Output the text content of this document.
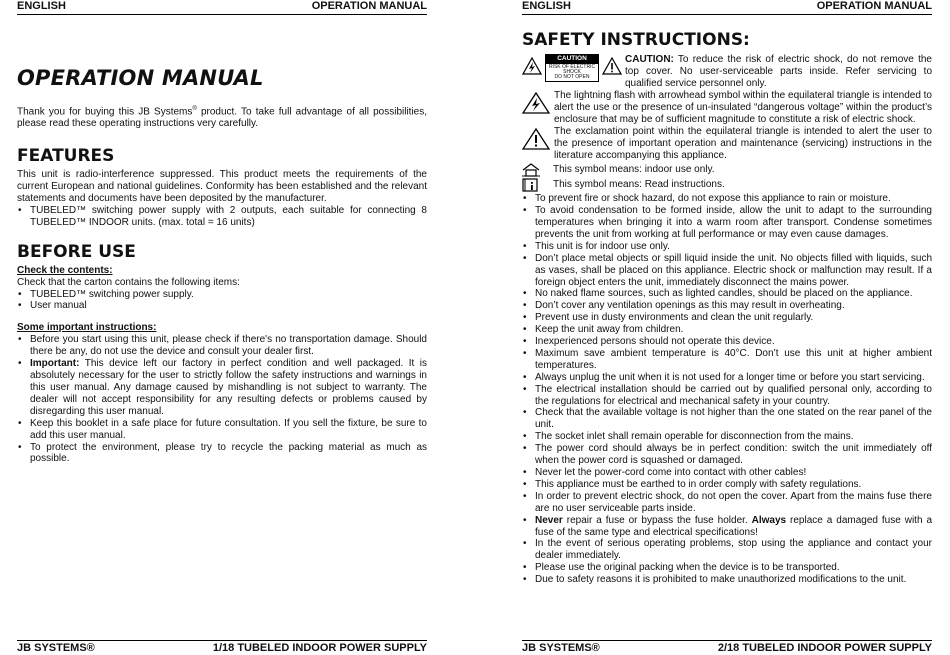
ENGLISH	OPERATION MANUAL
OPERATION MANUAL

Thank you for buying this JB Systems® product. To take full advantage of all possibilities, please read these operating instructions very carefully.

FEATURES

This unit is radio-interference suppressed. This product meets the requirements of the current European and national guidelines. Conformity has been established and the relevant statements and documents have been deposited by the manufacturer.

• TUBELED™ switching power supply with 2 outputs, each suitable for connecting 8 TUBELED™ INDOOR units. (max. total = 16 units)
BEFORE USE
Check the contents:

Check that the carton contains the following items:

• TUBELED™ switching power supply.
• User manual
Some important instructions:
• Before you start using this unit, please check if there's no transportation damage. Should there be any, do not use the device and consult your dealer first.
• Important: This device left our factory in perfect condition and well packaged. It is absolutely necessary for the user to strictly follow the safety instructions and warnings in this user manual. Any damage caused by mishandling is not subject to warranty. The dealer will not accept responsibility for any resulting defects or problems caused by disregarding this user manual.
• Keep this booklet in a safe place for future consultation. If you sell the fixture, be sure to add this user manual.
• To protect the environment, please try to recycle the packing material as much as possible.
JB SYSTEMS®	1/18 TUBELED INDOOR POWER SUPPLY
ENGLISH	OPERATION MANUAL
SAFETY INSTRUCTIONS:
CAUTION
RISK OF ELECTRIC SHOCK
DO NOT OPEN

CAUTION: To reduce the risk of electric shock, do not remove the top cover. No user-serviceable parts inside. Refer servicing to qualified service personnel only.

The lightning flash with arrowhead symbol within the equilateral triangle is intended to alert the use or the presence of un-insulated “dangerous voltage” within the product’s enclosure that may be of sufficient magnitude to constitute a risk of electric shock.
The exclamation point within the equilateral triangle is intended to alert the user to the presence of important operation and maintenance (servicing) instructions in the literature accompanying this appliance.
This symbol means: indoor use only.
This symbol means: Read instructions.
• To prevent fire or shock hazard, do not expose this appliance to rain or moisture.
• To avoid condensation to be formed inside, allow the unit to adapt to the surrounding temperatures when bringing it into a warm room after transport. Condense sometimes prevents the unit from working at full performance or may even cause damages.
• This unit is for indoor use only.
• Don’t place metal objects or spill liquid inside the unit. No objects filled with liquids, such as vases, shall be placed on this appliance. Electric shock or malfunction may result. If a foreign object enters the unit, immediately disconnect the mains power.
• No naked flame sources, such as lighted candles, should be placed on the appliance.
• Don’t cover any ventilation openings as this may result in overheating.
• Prevent use in dusty environments and clean the unit regularly.
• Keep the unit away from children.
• Inexperienced persons should not operate this device.
• Maximum save ambient temperature is 40°C. Don’t use this unit at higher ambient temperatures.
• Always unplug the unit when it is not used for a longer time or before you start servicing.
• The electrical installation should be carried out by qualified personal only, according to the regulations for electrical and mechanical safety in your country.
• Check that the available voltage is not higher than the one stated on the rear panel of the unit.
• The socket inlet shall remain operable for disconnection from the mains.
• The power cord should always be in perfect condition: switch the unit immediately off when the power cord is squashed or damaged.
• Never let the power-cord come into contact with other cables!
• This appliance must be earthed to in order comply with safety regulations.
• In order to prevent electric shock, do not open the cover. Apart from the mains fuse there are no user serviceable parts inside.
• Never repair a fuse or bypass the fuse holder. Always replace a damaged fuse with a fuse of the same type and electrical specifications!
• In the event of serious operating problems, stop using the appliance and contact your dealer immediately.
• Please use the original packing when the device is to be transported.
• Due to safety reasons it is prohibited to make unauthorized modifications to the unit.
JB SYSTEMS®	2/18 TUBELED INDOOR POWER SUPPLY
